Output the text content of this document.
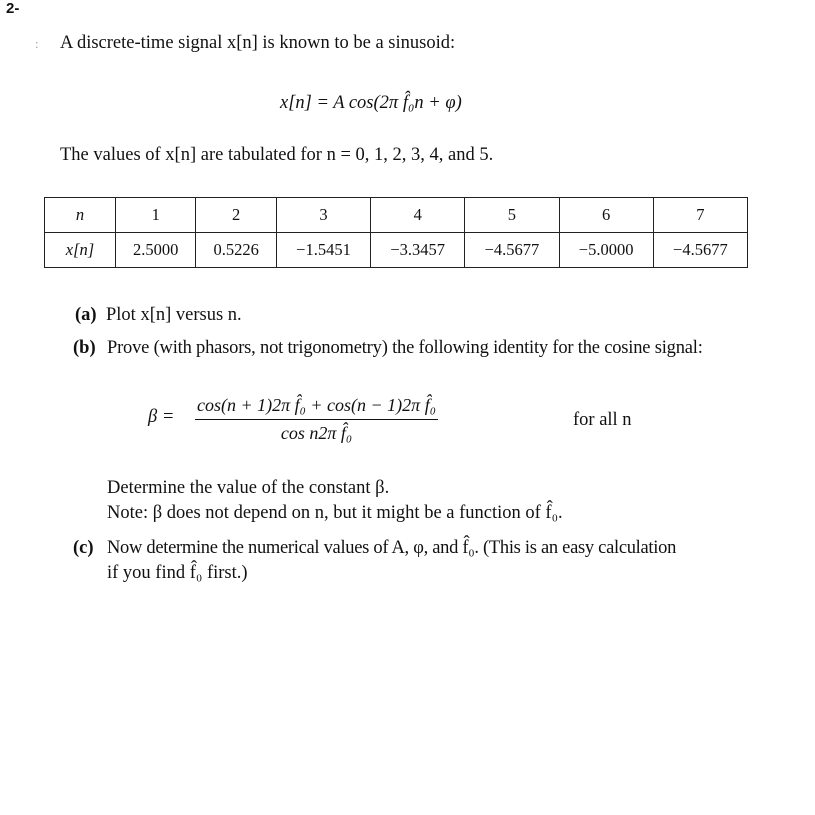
2-
: A discrete-time signal x[n] is known to be a sinusoid:
x[n] = A cos(2π f̂₀n + φ)
The values of x[n] are tabulated for n = 0, 1, 2, 3, 4, and 5.
n	1	2	3	4	5	6	7
x[n]	2.5000	0.5226	−1.5451	−3.3457	−4.5677	−5.0000	−4.5677
(a) Plot x[n] versus n.
(b) Prove (with phasors, not trigonometry) the following identity for the cosine signal:
$\beta = \frac{\text{cos(n + 1)2π f̂₀ + cos(n − 1)2π f̂₀}}{\text{cos n2π f̂₀}}$	for all n
Determine the value of the constant β.
Note: β does not depend on n, but it might be a function of f̂₀.
(c) Now determine the numerical values of A, φ, and f̂₀. (This is an easy calculation
if you find f̂₀ first.)
